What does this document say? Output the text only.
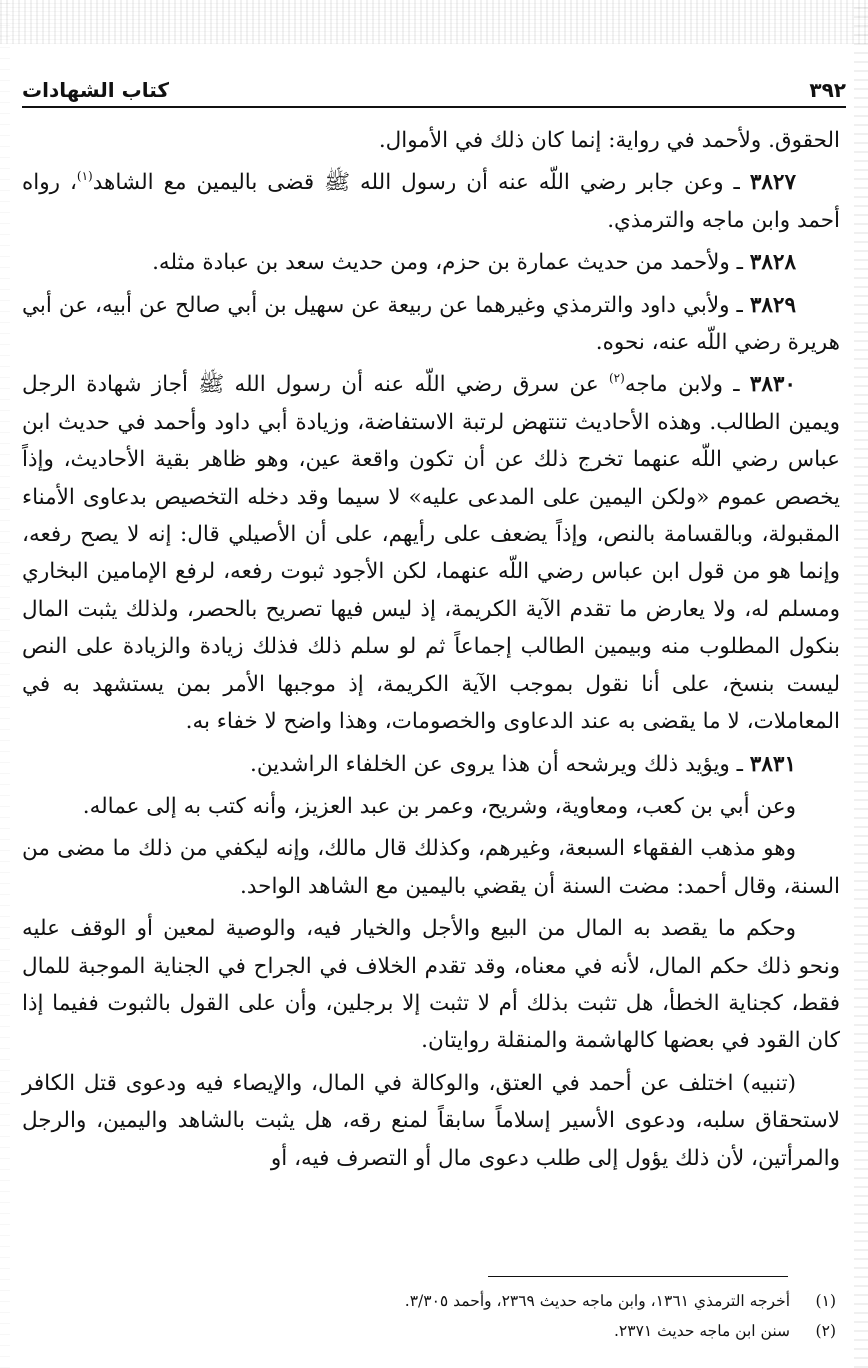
٣٩٢
كتاب الشهادات

الحقوق. ولأحمد في رواية: إنما كان ذلك في الأموال.

٣٨٢٧ ـ وعن جابر رضي اللّه عنه أن رسول الله ﷺ قضى باليمين مع الشاهد$^{(١)}$، رواه أحمد وابن ماجه والترمذي.

٣٨٢٨ ـ ولأحمد من حديث عمارة بن حزم، ومن حديث سعد بن عبادة مثله.

٣٨٢٩ ـ ولأبي داود والترمذي وغيرهما عن ربيعة عن سهيل بن أبي صالح عن أبيه، عن أبي هريرة رضي اللّه عنه، نحوه.

٣٨٣٠ ـ ولابن ماجه$^{(٢)}$ عن سرق رضي اللّه عنه أن رسول الله ﷺ أجاز شهادة الرجل ويمين الطالب. وهذه الأحاديث تنتهض لرتبة الاستفاضة، وزيادة أبي داود وأحمد في حديث ابن عباس رضي اللّه عنهما تخرج ذلك عن أن تكون واقعة عين، وهو ظاهر بقية الأحاديث، وإذاً يخصص عموم «ولكن اليمين على المدعى عليه» لا سيما وقد دخله التخصيص بدعاوى الأمناء المقبولة، وبالقسامة بالنص، وإذاً يضعف على رأيهم، على أن الأصيلي قال: إنه لا يصح رفعه، وإنما هو من قول ابن عباس رضي اللّه عنهما، لكن الأجود ثبوت رفعه، لرفع الإمامين البخاري ومسلم له، ولا يعارض ما تقدم الآية الكريمة، إذ ليس فيها تصريح بالحصر، ولذلك يثبت المال بنكول المطلوب منه وبيمين الطالب إجماعاً ثم لو سلم ذلك فذلك زيادة والزيادة على النص ليست بنسخ، على أنا نقول بموجب الآية الكريمة، إذ موجبها الأمر بمن يستشهد به في المعاملات، لا ما يقضى به عند الدعاوى والخصومات، وهذا واضح لا خفاء به.

٣٨٣١ ـ ويؤيد ذلك ويرشحه أن هذا يروى عن الخلفاء الراشدين.

وعن أبي بن كعب، ومعاوية، وشريح، وعمر بن عبد العزيز، وأنه كتب به إلى عماله.

وهو مذهب الفقهاء السبعة، وغيرهم، وكذلك قال مالك، وإنه ليكفي من ذلك ما مضى من السنة، وقال أحمد: مضت السنة أن يقضي باليمين مع الشاهد الواحد.

وحكم ما يقصد به المال من البيع والأجل والخيار فيه، والوصية لمعين أو الوقف عليه ونحو ذلك حكم المال، لأنه في معناه، وقد تقدم الخلاف في الجراح في الجناية الموجبة للمال فقط، كجناية الخطأ، هل تثبت بذلك أم لا تثبت إلا برجلين، وأن على القول بالثبوت ففيما إذا كان القود في بعضها كالهاشمة والمنقلة روايتان.

(تنبيه) اختلف عن أحمد في العتق، والوكالة في المال، والإيصاء فيه ودعوى قتل الكافر لاستحقاق سلبه، ودعوى الأسير إسلاماً سابقاً لمنع رقه، هل يثبت بالشاهد واليمين، والرجل والمرأتين، لأن ذلك يؤول إلى طلب دعوى مال أو التصرف فيه، أو

(١)
أخرجه الترمذي ١٣٦١، وابن ماجه حديث ٢٣٦٩، وأحمد ٣/٣٠٥.
(٢)
سنن ابن ماجه حديث ٢٣٧١.
